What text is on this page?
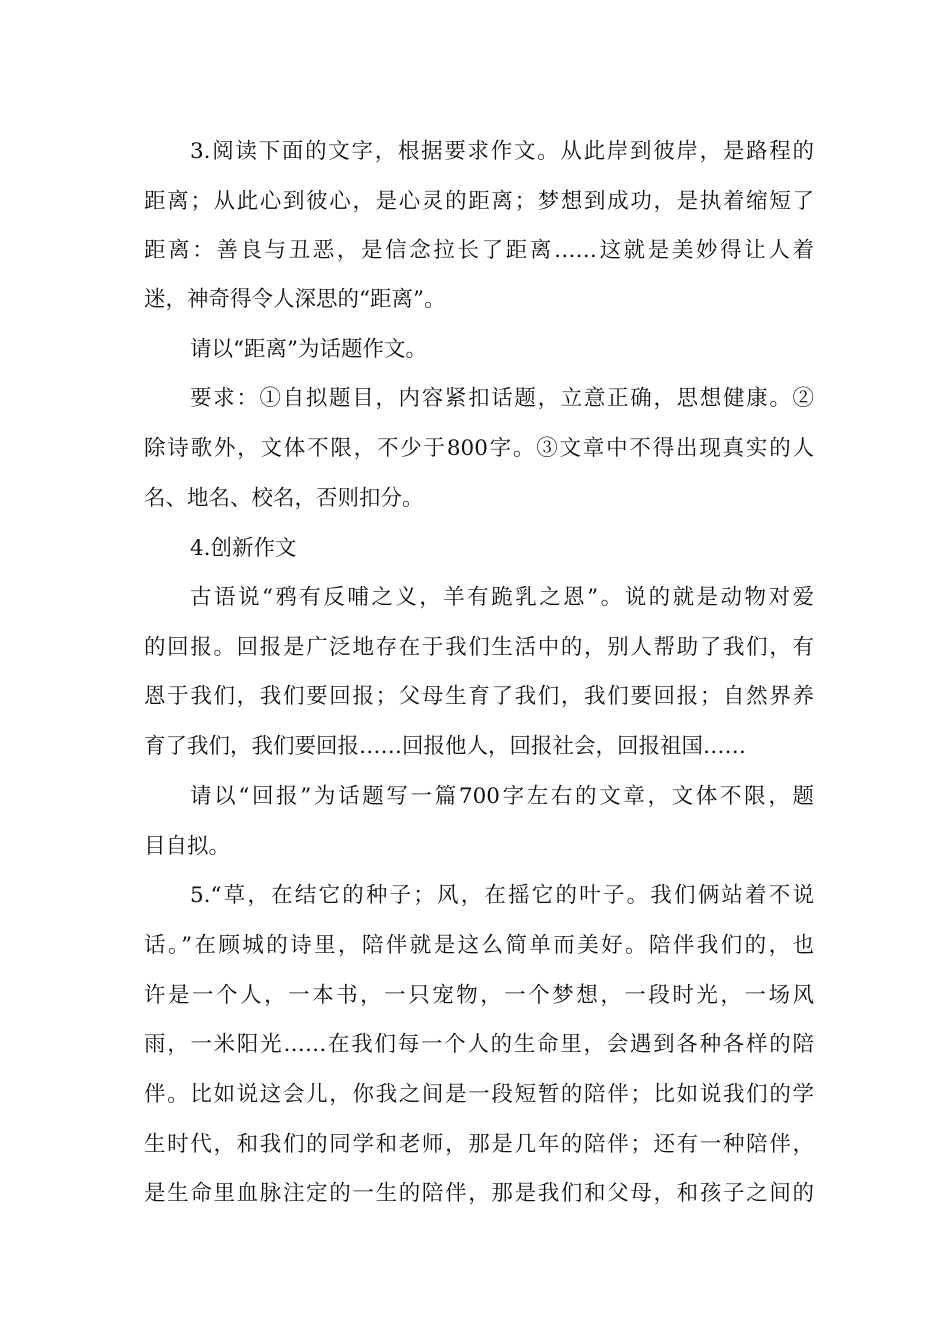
3.阅读下面的文字，根据要求作文。从此岸到彼岸，是路程的
距离；从此心到彼心，是心灵的距离；梦想到成功，是执着缩短了
距离：善良与丑恶，是信念拉长了距离……这就是美妙得让人着
迷，神奇得令人深思的“距离”。
请以“距离”为话题作文。
要求：①自拟题目，内容紧扣话题，立意正确，思想健康。②
除诗歌外，文体不限，不少于800字。③文章中不得出现真实的人
名、地名、校名，否则扣分。
4.创新作文
古语说“鸦有反哺之义，羊有跪乳之恩”。说的就是动物对爱
的回报。回报是广泛地存在于我们生活中的，别人帮助了我们，有
恩于我们，我们要回报；父母生育了我们，我们要回报；自然界养
育了我们，我们要回报……回报他人，回报社会，回报祖国……
请以“回报”为话题写一篇700字左右的文章，文体不限，题
目自拟。
5.“草，在结它的种子；风，在摇它的叶子。我们俩站着不说
话。”在顾城的诗里，陪伴就是这么简单而美好。陪伴我们的，也
许是一个人，一本书，一只宠物，一个梦想，一段时光，一场风
雨，一米阳光……在我们每一个人的生命里，会遇到各种各样的陪
伴。比如说这会儿，你我之间是一段短暂的陪伴；比如说我们的学
生时代，和我们的同学和老师，那是几年的陪伴；还有一种陪伴，
是生命里血脉注定的一生的陪伴，那是我们和父母，和孩子之间的
